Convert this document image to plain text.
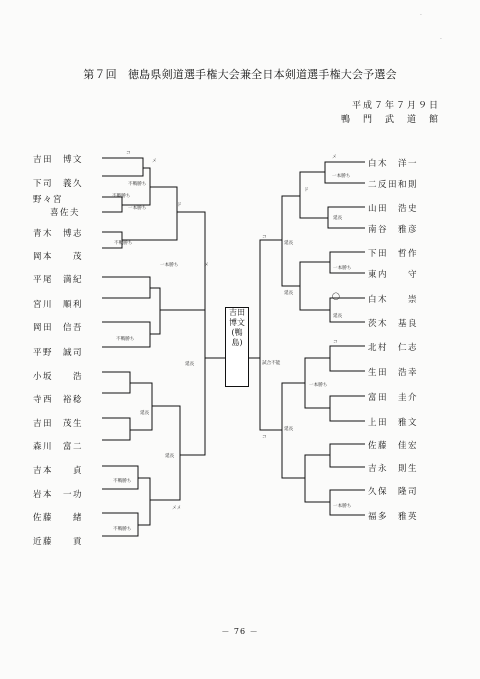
第７回　徳島県剣道選手権大会兼全日本剣道選手権大会予選会
平成７年７月９日
鴨　門　武　道　館
吉田
博文
(鴨島)
吉田　 博文
下司　 義久
野々宮
喜佐夫
青木　 博志
岡本　　 茂
平尾　 満紀
宮川　 順利
岡田　 信吾
平野　 誠司
小坂　　 浩
寺西　 裕稔
吉田　 茂生
森川　 富二
吉本　　 貞
岩本　 一功
佐藤　　 緒
近藤　　 貢
白木　 洋一
二反田和則
山田　 浩史
南谷　 雅彦
下田　 哲作
東内　　 守
白木　　 崇
茨木　 基良
北村　 仁志
生田　 浩幸
富田　 圭介
上田　 雅文
佐藤　 佳宏
吉永　 則生
久保　 隆司
福多　 雅英
コ
不戦勝ち
メ
不戦勝ち
一本勝ち
ド
不戦勝ち
一本勝ち	メ
不戦勝ち
延長
延長
延長
不戦勝ち
メメ
不戦勝ち
メ
一本勝ち
ド
延長
コ
延長
一本勝ち
延長	◯
延長
コ
試合不能
一本勝ち
延長
コ
一本勝ち
－ 76 －
·
·
